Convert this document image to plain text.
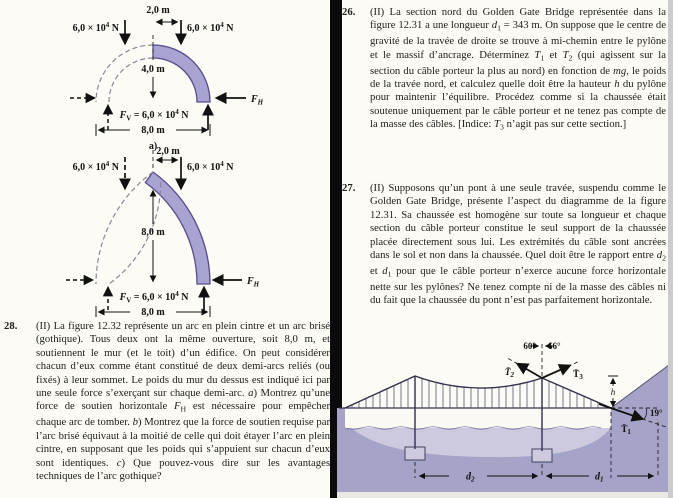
2,0 m
$6,0 \times 10^4$ N	$6,0 \times 10^4$ N
4,0 m
$F_H$
$F_V = 6,0 \times 10^4$ N
8,0 m
a) 2,0 m
$6,0 \times 10^4$ N	$6,0 \times 10^4$ N
8,0 m
$F_H$
$F_V = 6,0 \times 10^4$ N
8,0 m
28. (II) La figure 12.32 représente un arc en plein cintre et un arc brisé (gothique). Tous deux ont la même ouverture, soit 8,0 m, et soutiennent le mur (et le toit) d’un édifice. On peut considérer chacun d’eux comme étant constitué de deux demi-arcs reliés (ou fixés) à leur sommet. Le poids du mur du dessus est indiqué ici par une seule force s’exerçant sur chaque demi-arc. a) Montrez qu’une force de soutien horizontale $F_H$ est nécessaire pour empêcher chaque arc de tomber. b) Montrez que la force de soutien requise par l’arc brisé équivaut à la moitié de celle qui doit étayer l’arc en plein cintre, en supposant que les poids qui s’appuient sur chacun d’eux sont identiques. c) Que pouvez-vous dire sur les avantages techniques de l’arc gothique?
26. (II) La section nord du Golden Gate Bridge représentée dans la figure 12.31 a une longueur $d_1 = 343$ m. On suppose que le centre de gravité de la travée de droite se trouve à mi-chemin entre le pylône et le massif d’ancrage. Déterminez $T_1$ et $T_2$ (qui agissent sur la section du câble porteur la plus au nord) en fonction de mg, le poids de la travée nord, et calculez quelle doit être la hauteur h du pylône pour maintenir l’équilibre. Procédez comme si la chaussée était soutenue uniquement par le câble porteur et ne tenez pas compte de la masse des câbles. [Indice: $T_3$ n’agit pas sur cette section.]
27. (II) Supposons qu’un pont à une seule travée, suspendu comme le Golden Gate Bridge, présente l’aspect du diagramme de la figure 12.31. Sa chaussée est homogène sur toute sa longueur et chaque section du câble porteur constitue le seul support de la chaussée placée directement sous lui. Les extrémités du câble sont ancrées dans le sol et non dans la chaussée. Quel doit être le rapport entre $d_2$ et $d_1$ pour que le câble porteur n’exerce aucune force horizontale nette sur les pylônes? Ne tenez compte ni de la masse des câbles ni du fait que la chaussée du pont n’est pas parfaitement horizontale.
$T̄_2$	$T̄_3$
60° 66°
19°
$T̄_1$
h
$d_2$	$d_1$
